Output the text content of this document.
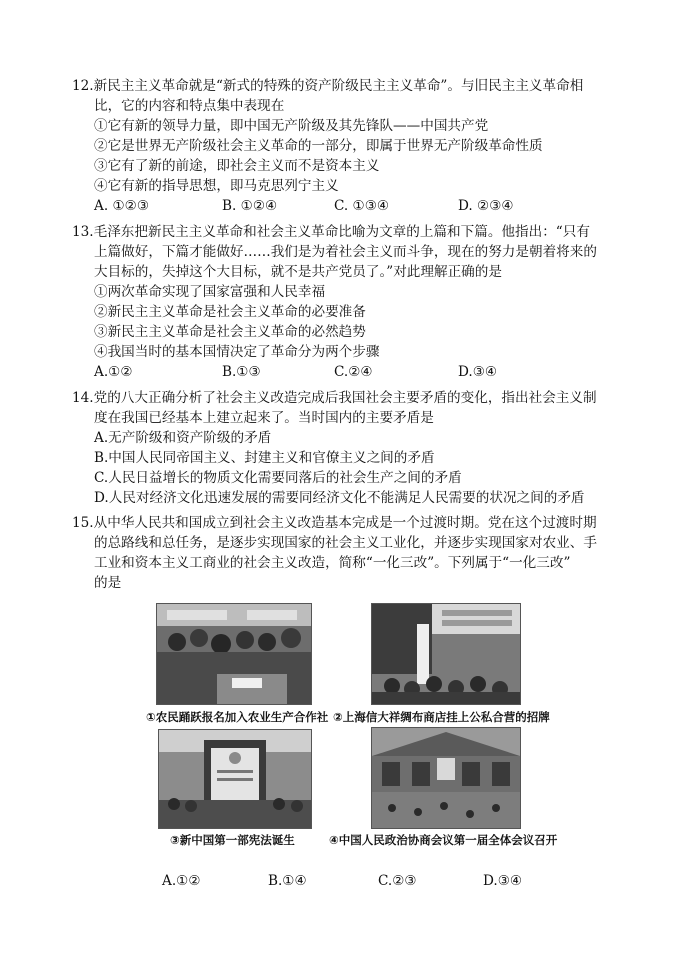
12.新民主主义革命就是“新式的特殊的资产阶级民主主义革命”。与旧民主主义革命相
比，它的内容和特点集中表现在
①它有新的领导力量，即中国无产阶级及其先锋队——中国共产党
②它是世界无产阶级社会主义革命的一部分，即属于世界无产阶级革命性质
③它有了新的前途，即社会主义而不是资本主义
④它有新的指导思想，即马克思列宁主义
A. ①②③	B. ①②④	C. ①③④	D. ②③④
13.毛泽东把新民主主义革命和社会主义革命比喻为文章的上篇和下篇。他指出：“只有
上篇做好，下篇才能做好……我们是为着社会主义而斗争，现在的努力是朝着将来的
大目标的，失掉这个大目标，就不是共产党员了。”对此理解正确的是
①两次革命实现了国家富强和人民幸福
②新民主主义革命是社会主义革命的必要准备
③新民主主义革命是社会主义革命的必然趋势
④我国当时的基本国情决定了革命分为两个步骤
A.①②	B.①③	C.②④	D.③④
14.党的八大正确分析了社会主义改造完成后我国社会主要矛盾的变化，指出社会主义制
度在我国已经基本上建立起来了。当时国内的主要矛盾是
A.无产阶级和资产阶级的矛盾
B.中国人民同帝国主义、封建主义和官僚主义之间的矛盾
C.人民日益增长的物质文化需要同落后的社会生产之间的矛盾
D.人民对经济文化迅速发展的需要同经济文化不能满足人民需要的状况之间的矛盾
15.从中华人民共和国成立到社会主义改造基本完成是一个过渡时期。党在这个过渡时期
的总路线和总任务，是逐步实现国家的社会主义工业化，并逐步实现国家对农业、手
工业和资本主义工商业的社会主义改造，简称“一化三改”。下列属于“一化三改”
的是
①农民踊跃报名加入农业生产合作社 ②上海信大祥绸布商店挂上公私合营的招牌
③新中国第一部宪法诞生	④中国人民政治协商会议第一届全体会议召开
A.①②	B.①④	C.②③	D.③④
